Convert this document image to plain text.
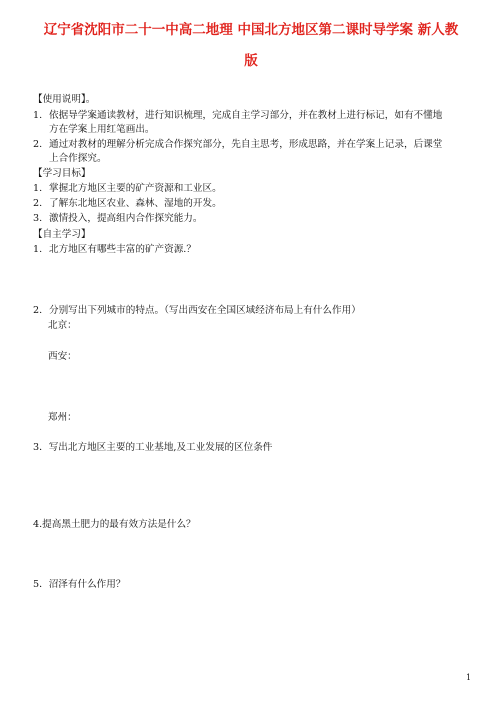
辽宁省沈阳市二十一中高二地理 中国北方地区第二课时导学案 新人教
版
【使用说明】。
1. 依据导学案通读教材，进行知识梳理，完成自主学习部分，并在教材上进行标记，如有不懂地
方在学案上用红笔画出。
2. 通过对教材的理解分析完成合作探究部分，先自主思考，形成思路，并在学案上记录，后课堂
上合作探究。
【学习目标】
1. 掌握北方地区主要的矿产资源和工业区。
2. 了解东北地区农业、森林、湿地的开发。
3. 激情投入，提高组内合作探究能力。
【自主学习】
1. 北方地区有哪些丰富的矿产资源.？
2. 分别写出下列城市的特点。（写出西安在全国区域经济布局上有什么作用）
北京：
西安：
郑州：
3．写出北方地区主要的工业基地,及工业发展的区位条件
4.提高黑土肥力的最有效方法是什么？
5．沼泽有什么作用？
1
